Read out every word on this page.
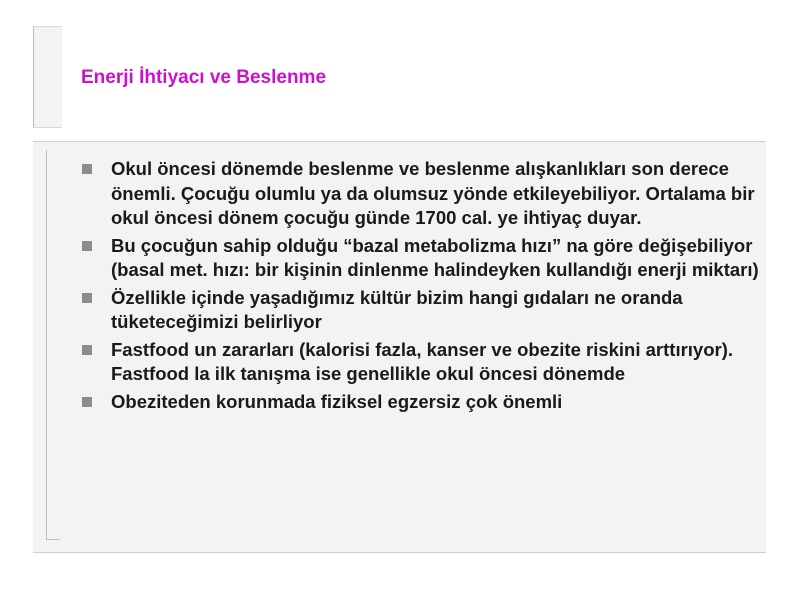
Enerji İhtiyacı ve Beslenme
Okul öncesi dönemde beslenme ve beslenme alışkanlıkları son derece önemli. Çocuğu olumlu ya da olumsuz yönde etkileyebiliyor. Ortalama bir okul öncesi dönem çocuğu günde 1700 cal. ye ihtiyaç duyar.
Bu çocuğun sahip olduğu “bazal metabolizma hızı” na göre değişebiliyor (basal met. hızı: bir kişinin dinlenme halindeyken kullandığı enerji miktarı)
Özellikle içinde yaşadığımız kültür bizim hangi gıdaları ne oranda tüketeceğimizi belirliyor
Fastfood un zararları (kalorisi fazla, kanser ve obezite riskini arttırıyor). Fastfood la ilk tanışma ise genellikle okul öncesi dönemde
Obeziteden korunmada fiziksel egzersiz çok önemli
